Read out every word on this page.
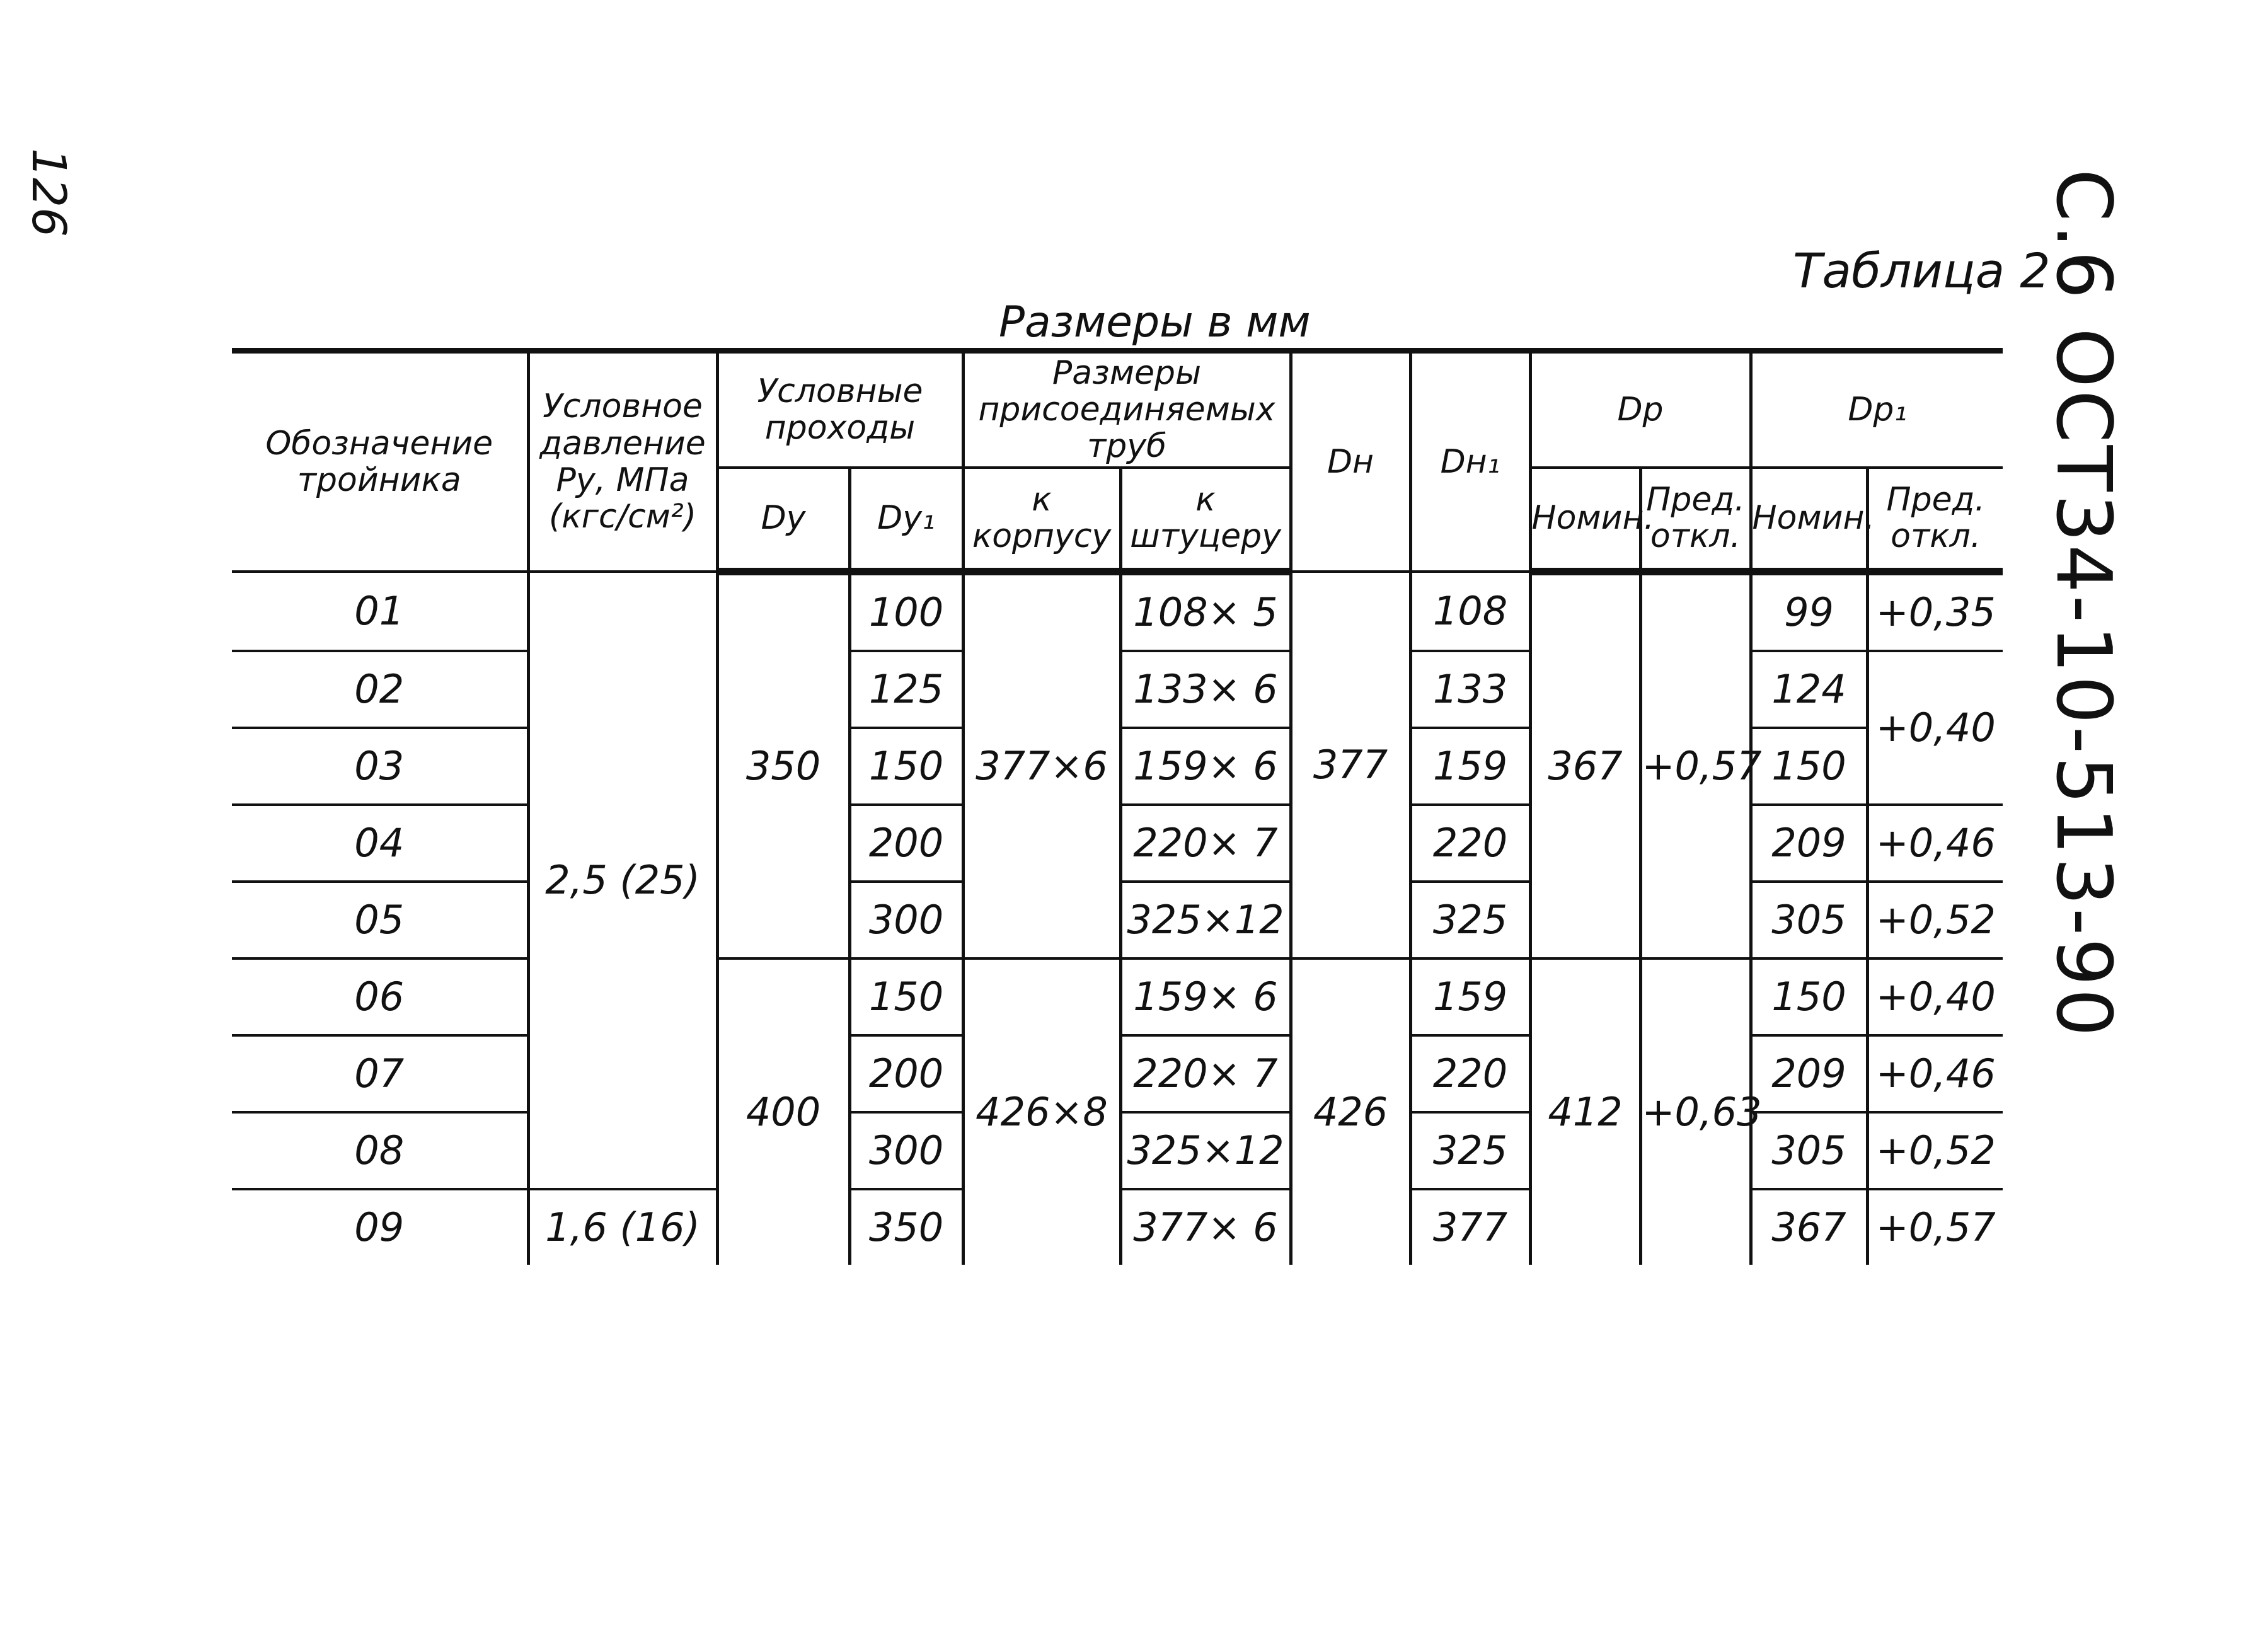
126	С.6 ОСТ34-10-513-90
Таблица 2
Размеры в мм
Обозначение тройника	Условное давление Ру, МПа (кгс/см²)	Условные проходы		Размеры присоединяемых труб		Dн	Dн₁	Dр		Dр₁	
		Dу	Dу₁	к корпусу	к штуцеру			Номин.	Пред. откл.	Номин.	Пред. откл.
01	2,5 (25)	350	100	377×6	108× 5	377	108	367	+0,57	99	+0,35
02			125		133× 6		133			124	+0,40
03			150		159× 6		159			150	
04			200		220× 7		220			209	+0,46
05			300		325×12		325			305	+0,52
06		400	150	426×8	159× 6	426	159	412	+0,63	150	+0,40
07			200		220× 7		220			209	+0,46
08			300		325×12		325			305	+0,52
09	1,6 (16)		350		377× 6		377			367	+0,57
